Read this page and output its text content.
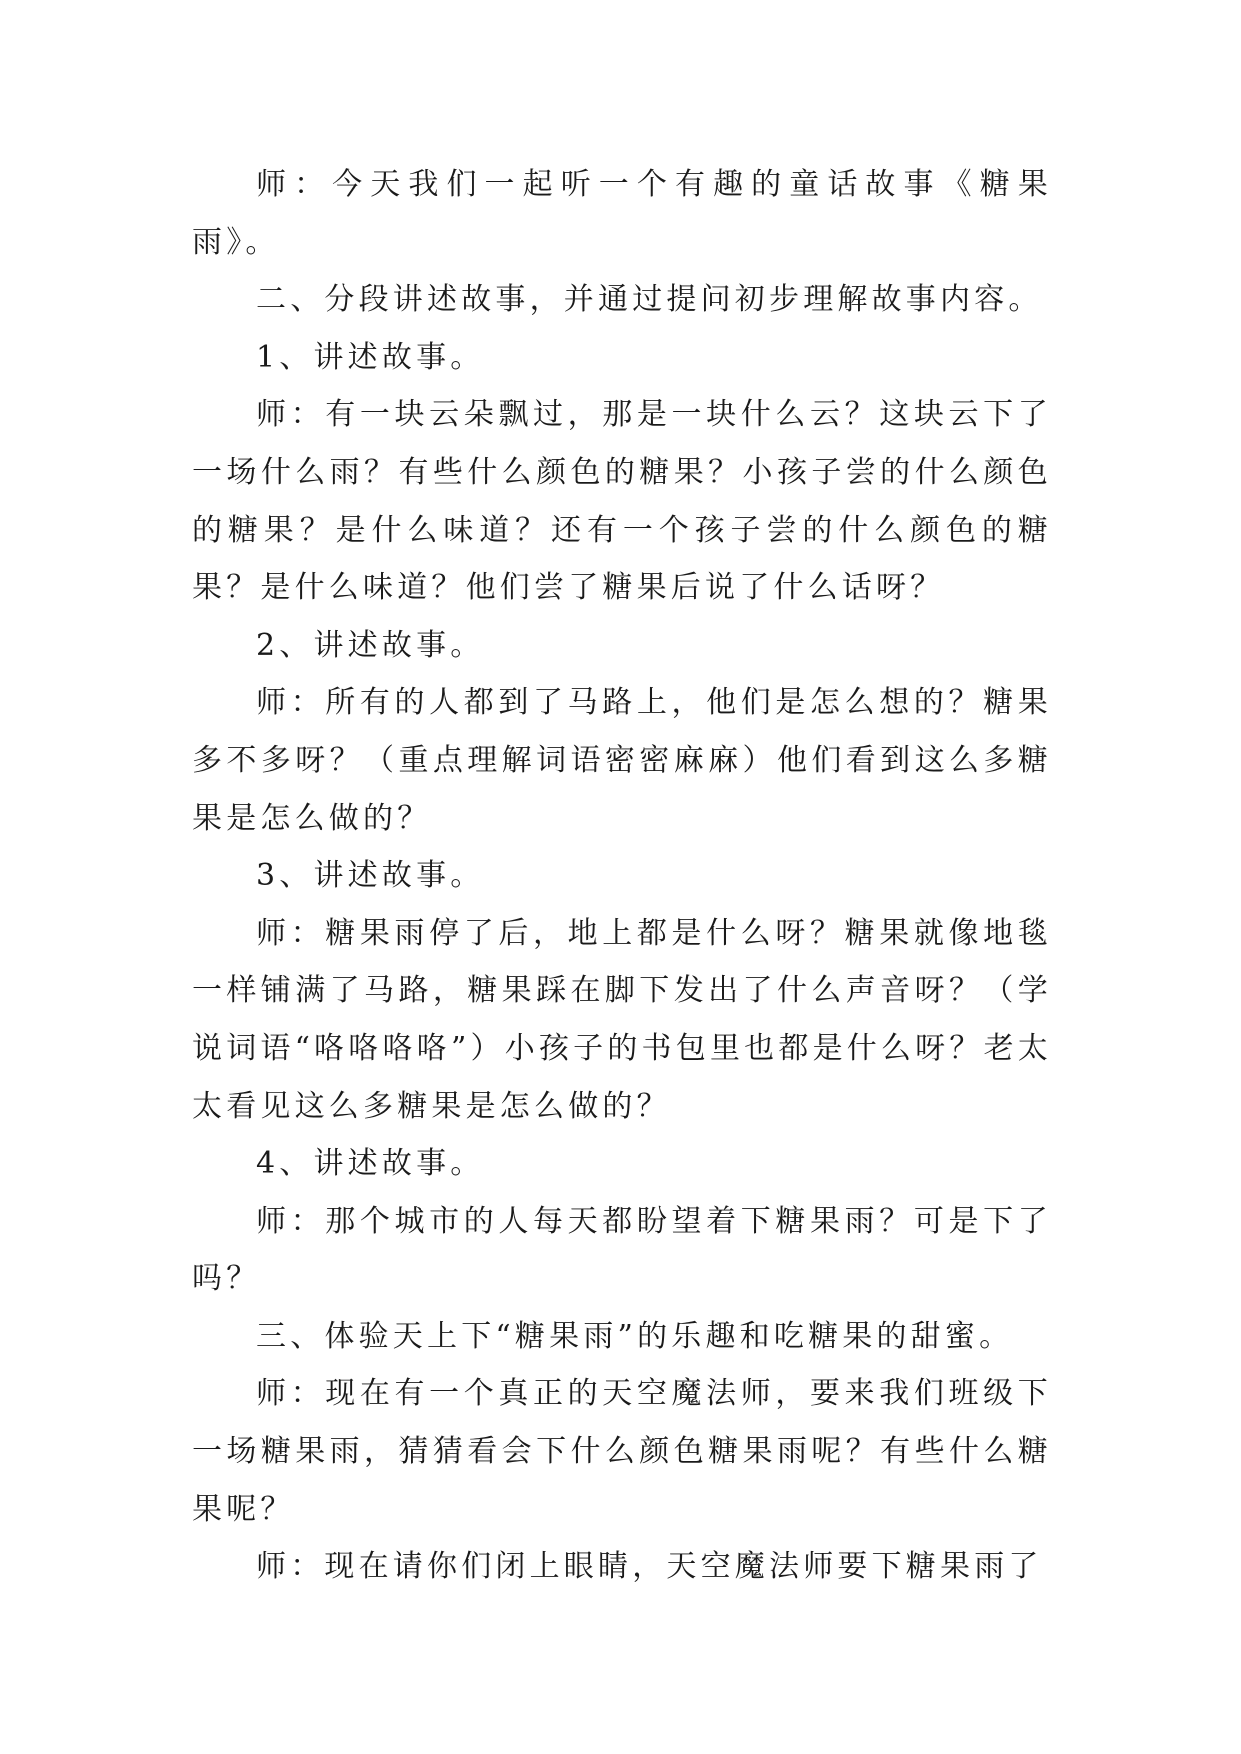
师：今天我们一起听一个有趣的童话故事《糖果雨》。

二、分段讲述故事，并通过提问初步理解故事内容。

1、讲述故事。

师：有一块云朵飘过，那是一块什么云？这块云下了一场什么雨？有些什么颜色的糖果？小孩子尝的什么颜色的糖果？是什么味道？还有一个孩子尝的什么颜色的糖果？是什么味道？他们尝了糖果后说了什么话呀？

2、讲述故事。

师：所有的人都到了马路上，他们是怎么想的？糖果多不多呀？（重点理解词语密密麻麻）他们看到这么多糖果是怎么做的？

3、讲述故事。

师：糖果雨停了后，地上都是什么呀？糖果就像地毯一样铺满了马路，糖果踩在脚下发出了什么声音呀？（学说词语“咯咯咯咯”）小孩子的书包里也都是什么呀？老太太看见这么多糖果是怎么做的？

4、讲述故事。

师：那个城市的人每天都盼望着下糖果雨？可是下了吗？

三、体验天上下“糖果雨”的乐趣和吃糖果的甜蜜。

师：现在有一个真正的天空魔法师，要来我们班级下一场糖果雨，猜猜看会下什么颜色糖果雨呢？有些什么糖果呢？

师：现在请你们闭上眼睛，天空魔法师要下糖果雨了
